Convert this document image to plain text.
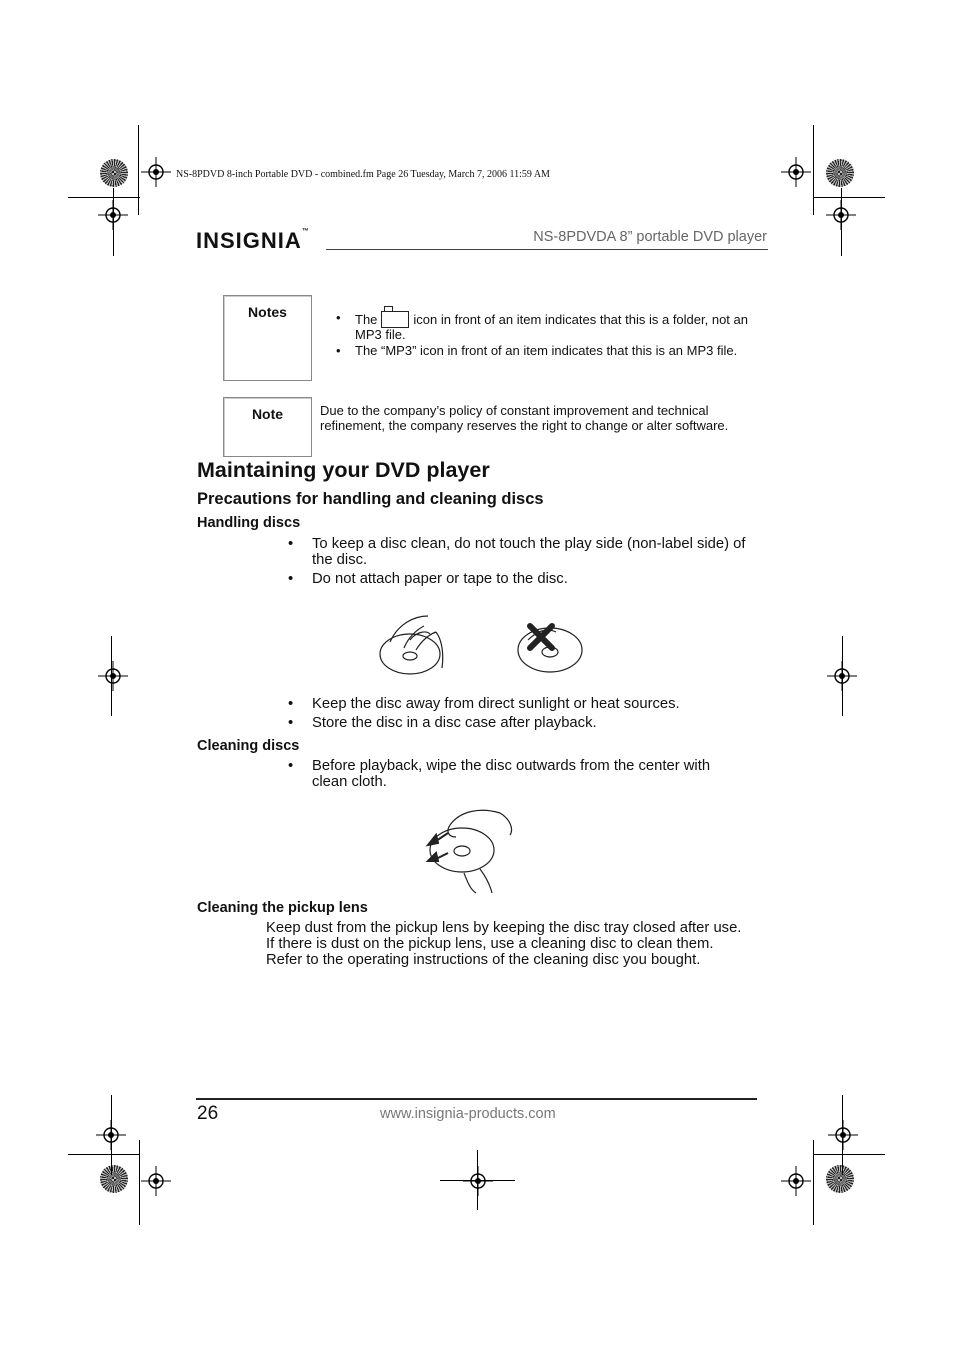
NS-8PDVD 8-inch Portable DVD - combined.fm Page 26 Tuesday, March 7, 2006 11:59 AM
INSIGNIA™	NS-8PDVDA 8” portable DVD player
Notes
•	The	icon in front of an item indicates that this is a folder, not an MP3 file.
• The “MP3” icon in front of an item indicates that this is an MP3 file.
Note	Due to the company’s policy of constant improvement and technical refinement, the company reserves the right to change or alter software.
Maintaining your DVD player
Precautions for handling and cleaning discs
Handling discs
• To keep a disc clean, do not touch the play side (non-label side) of the disc.
• Do not attach paper or tape to the disc.
• Keep the disc away from direct sunlight or heat sources.
• Store the disc in a disc case after playback.
Cleaning discs
• Before playback, wipe the disc outwards from the center with clean cloth.
Cleaning the pickup lens
Keep dust from the pickup lens by keeping the disc tray closed after use. If there is dust on the pickup lens, use a cleaning disc to clean them. Refer to the operating instructions of the cleaning disc you bought.
26	www.insignia-products.com
